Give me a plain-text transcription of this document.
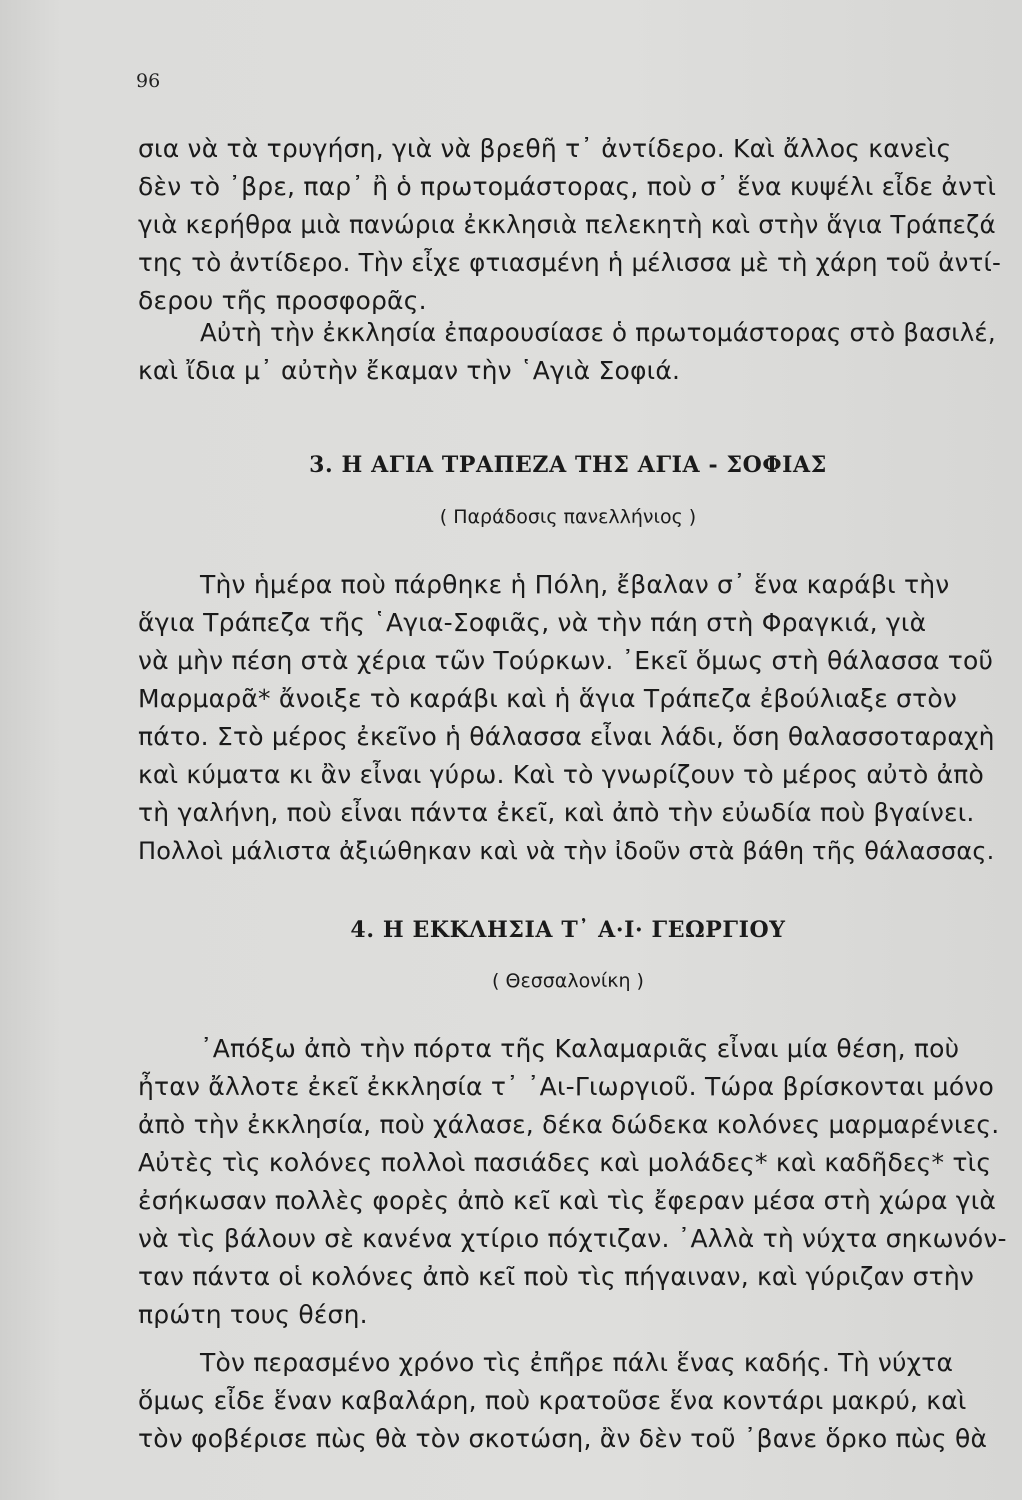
96
σια νὰ τὰ τρυγήση, γιὰ νὰ βρεθῆ τ᾽ ἀντίδερο. Καὶ ἄλλος κανεὶς
δὲν τὸ ᾽βρε, παρ᾽ ἢ ὁ πρωτομάστορας, ποὺ σ᾽ ἕνα κυψέλι εἶδε ἀντὶ
γιὰ κερήθρα μιὰ πανώρια ἐκκλησιὰ πελεκητὴ καὶ στὴν ἅγια Τράπεζά
της τὸ ἀντίδερο. Τὴν εἶχε φτιασμένη ἡ μέλισσα μὲ τὴ χάρη τοῦ ἀντί-
δερου τῆς προσφορᾶς.
Αὐτὴ τὴν ἐκκλησία ἐπαρουσίασε ὁ πρωτομάστορας στὸ βασιλέ,
καὶ ἴδια μ᾽ αὐτὴν ἔκαμαν τὴν ῾Αγιὰ Σοφιά.
3. Η ΑΓΙΑ ΤΡΑΠΕΖΑ ΤΗΣ ΑΓΙΑ - ΣΟΦΙΑΣ
( Παράδοσις πανελλήνιος )
Τὴν ἡμέρα ποὺ πάρθηκε ἡ Πόλη, ἔβαλαν σ᾽ ἕνα καράβι τὴν
ἅγια Τράπεζα τῆς ῾Αγια-Σοφιᾶς, νὰ τὴν πάη στὴ Φραγκιά, γιὰ
νὰ μὴν πέση στὰ χέρια τῶν Τούρκων. ᾽Εκεῖ ὅμως στὴ θάλασσα τοῦ
Μαρμαρᾶ* ἄνοιξε τὸ καράβι καὶ ἡ ἅγια Τράπεζα ἐβούλιαξε στὸν
πάτο. Στὸ μέρος ἐκεῖνο ἡ θάλασσα εἶναι λάδι, ὅση θαλασσοταραχὴ
καὶ κύματα κι ἂν εἶναι γύρω. Καὶ τὸ γνωρίζουν τὸ μέρος αὐτὸ ἀπὸ
τὴ γαλήνη, ποὺ εἶναι πάντα ἐκεῖ, καὶ ἀπὸ τὴν εὐωδία ποὺ βγαίνει.
Πολλοὶ μάλιστα ἀξιώθηκαν καὶ νὰ τὴν ἰδοῦν στὰ βάθη τῆς θάλασσας.
4. Η ΕΚΚΛΗΣΙΑ Τ᾽ Α·Ι· ΓΕΩΡΓΙΟΥ
( Θεσσαλονίκη )
᾽Απόξω ἀπὸ τὴν πόρτα τῆς Καλαμαριᾶς εἶναι μία θέση, ποὺ
ἦταν ἄλλοτε ἐκεῖ ἐκκλησία τ᾽ ᾽Αι-Γιωργιοῦ. Τώρα βρίσκονται μόνο
ἀπὸ τὴν ἐκκλησία, ποὺ χάλασε, δέκα δώδεκα κολόνες μαρμαρένιες.
Αὐτὲς τὶς κολόνες πολλοὶ πασιάδες καὶ μολάδες* καὶ καδῆδες* τὶς
ἐσήκωσαν πολλὲς φορὲς ἀπὸ κεῖ καὶ τὶς ἔφεραν μέσα στὴ χώρα γιὰ
νὰ τὶς βάλουν σὲ κανένα χτίριο πόχτιζαν. ᾽Αλλὰ τὴ νύχτα σηκωνόν-
ταν πάντα οἱ κολόνες ἀπὸ κεῖ ποὺ τὶς πήγαιναν, καὶ γύριζαν στὴν
πρώτη τους θέση.
Τὸν περασμένο χρόνο τὶς ἐπῆρε πάλι ἕνας καδής. Τὴ νύχτα
ὅμως εἶδε ἕναν καβαλάρη, ποὺ κρατοῦσε ἕνα κοντάρι μακρύ, καὶ
τὸν φοβέρισε πὼς θὰ τὸν σκοτώση, ἂν δὲν τοῦ ᾽βανε ὅρκο πὼς θὰ
